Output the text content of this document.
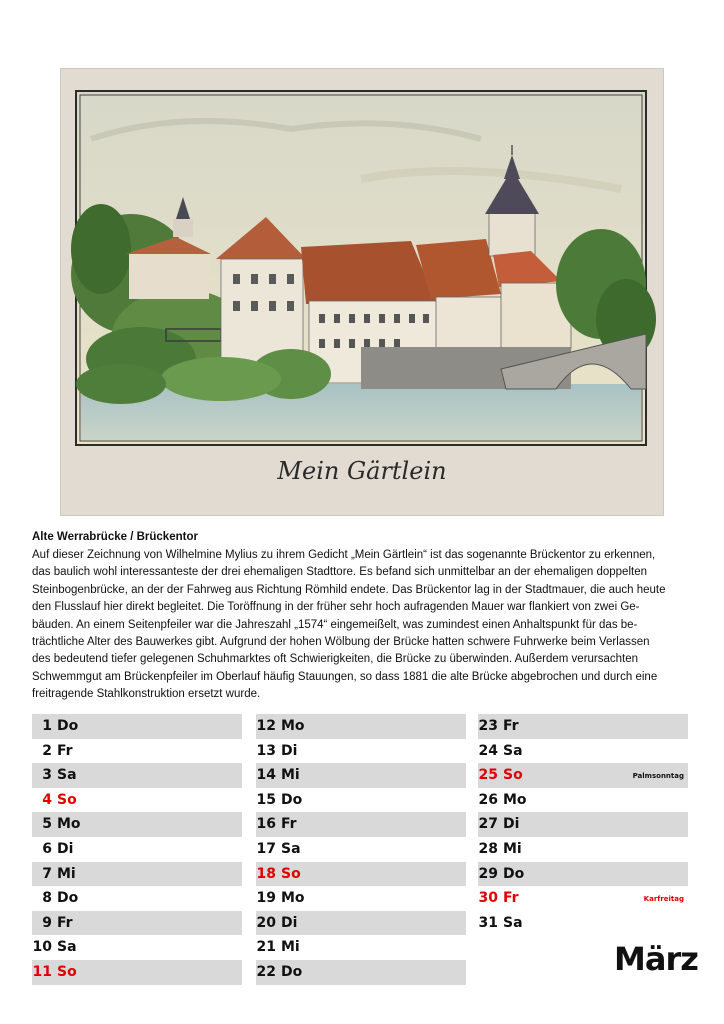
Mein Gärtlein
Alte Werrabrücke / Brückentor
Auf dieser Zeichnung von Wilhelmine Mylius zu ihrem Gedicht „Mein Gärtlein“ ist das sogenannte Brückentor zu erkennen,
das baulich wohl interessanteste der drei ehemaligen Stadttore. Es befand sich unmittelbar an der ehemaligen doppelten
Steinbogenbrücke, an der der Fahrweg aus Richtung Römhild endete. Das Brückentor lag in der Stadtmauer, die auch heute
den Flusslauf hier direkt begleitet. Die Toröffnung in der früher sehr hoch aufragenden Mauer war flankiert von zwei Ge-
bäuden. An einem Seitenpfeiler war die Jahreszahl „1574“ eingemeißelt, was zumindest einen Anhaltspunkt für das be-
trächtliche Alter des Bauwerkes gibt. Aufgrund der hohen Wölbung der Brücke hatten schwere Fuhrwerke beim Verlassen
des bedeutend tiefer gelegenen Schuhmarktes oft Schwierigkeiten, die Brücke zu überwinden. Außerdem verursachten
Schwemmgut am Brückenpfeiler im Oberlauf häufig Stauungen, so dass 1881 die alte Brücke abgebrochen und durch eine
freitragende Stahlkonstruktion ersetzt wurde.
1 Do
2 Fr
3 Sa
4 So
5 Mo
6 Di
7 Mi
8 Do
9 Fr
10 Sa
11 So
12 Mo
13 Di
14 Mi
15 Do
16 Fr
17 Sa
18 So
19 Mo
20 Di
21 Mi
22 Do
23 Fr
24 Sa
25 So	Palmsonntag
26 Mo
27 Di
28 Mi
29 Do
30 Fr	Karfreitag
31 Sa
März
